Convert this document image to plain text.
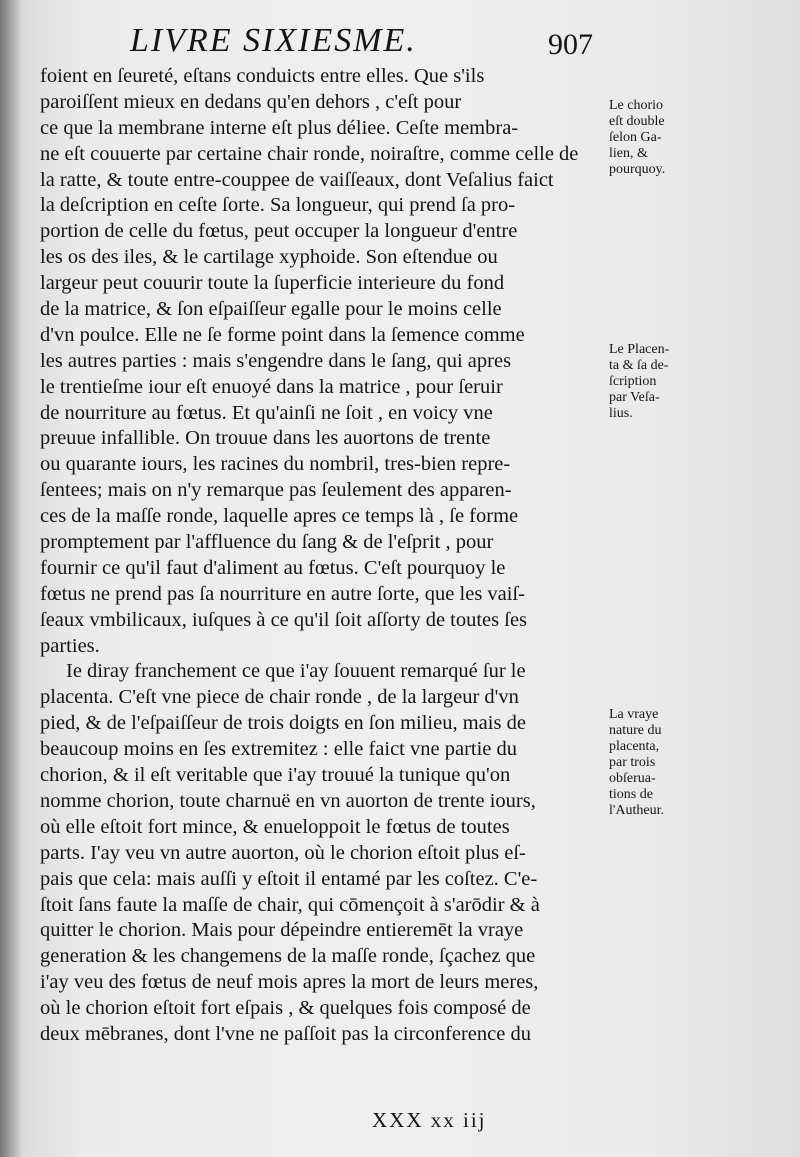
LIVRE SIXIESME.	907
foient en ſeureté, eſtans conduicts entre elles. Que s'ils
paroiſſent mieux en dedans qu'en dehors , c'eſt pour
ce que la membrane interne eſt plus déliee. Ceſte membra-
ne eſt couuerte par certaine chair ronde, noiraſtre, comme celle de
la ratte, & toute entre-couppee de vaiſſeaux, dont Veſalius faict
la deſcription en ceſte ſorte. Sa longueur, qui prend ſa pro-
portion de celle du fœtus, peut occuper la longueur d'entre
les os des iles, & le cartilage xyphoide. Son eſtendue ou
largeur peut couurir toute la ſuperficie interieure du fond
de la matrice, & ſon eſpaiſſeur egalle pour le moins celle
d'vn poulce. Elle ne ſe forme point dans la ſemence comme
les autres parties : mais s'engendre dans le ſang, qui apres
le trentieſme iour eſt enuoyé dans la matrice , pour ſeruir
de nourriture au fœtus. Et qu'ainſi ne ſoit , en voicy vne
preuue infallible. On trouue dans les auortons de trente
ou quarante iours, les racines du nombril, tres-bien repre-
ſentees; mais on n'y remarque pas ſeulement des apparen-
ces de la maſſe ronde, laquelle apres ce temps là , ſe forme
promptement par l'affluence du ſang & de l'eſprit , pour
fournir ce qu'il faut d'aliment au fœtus. C'eſt pourquoy le
fœtus ne prend pas ſa nourriture en autre ſorte, que les vaiſ-
ſeaux vmbilicaux, iuſques à ce qu'il ſoit aſſorty de toutes ſes
parties.
Ie diray franchement ce que i'ay ſouuent remarqué ſur le
placenta. C'eſt vne piece de chair ronde , de la largeur d'vn
pied, & de l'eſpaiſſeur de trois doigts en ſon milieu, mais de
beaucoup moins en ſes extremitez : elle faict vne partie du
chorion, & il eſt veritable que i'ay trouué la tunique qu'on
nomme chorion, toute charnuë en vn auorton de trente iours,
où elle eſtoit fort mince, & enueloppoit le fœtus de toutes
parts. I'ay veu vn autre auorton, où le chorion eſtoit plus eſ-
pais que cela: mais auſſi y eſtoit il entamé par les coſtez. C'e-
ſtoit ſans faute la maſſe de chair, qui cōmençoit à s'arōdir & à
quitter le chorion. Mais pour dépeindre entieremēt la vraye
generation & les changemens de la maſſe ronde, ſçachez que
i'ay veu des fœtus de neuf mois apres la mort de leurs meres,
où le chorion eſtoit fort eſpais , & quelques fois composé de
deux mēbranes, dont l'vne ne paſſoit pas la circonference du
Le chorio
eſt double
ſelon Ga-
lien, &
pourquoy.
Le Placen-
ta & ſa de-
ſcription
par Veſa-
lius.
La vraye
nature du
placenta,
par trois
obſerua-
tions de
l'Autheur.
XXX xx iij
